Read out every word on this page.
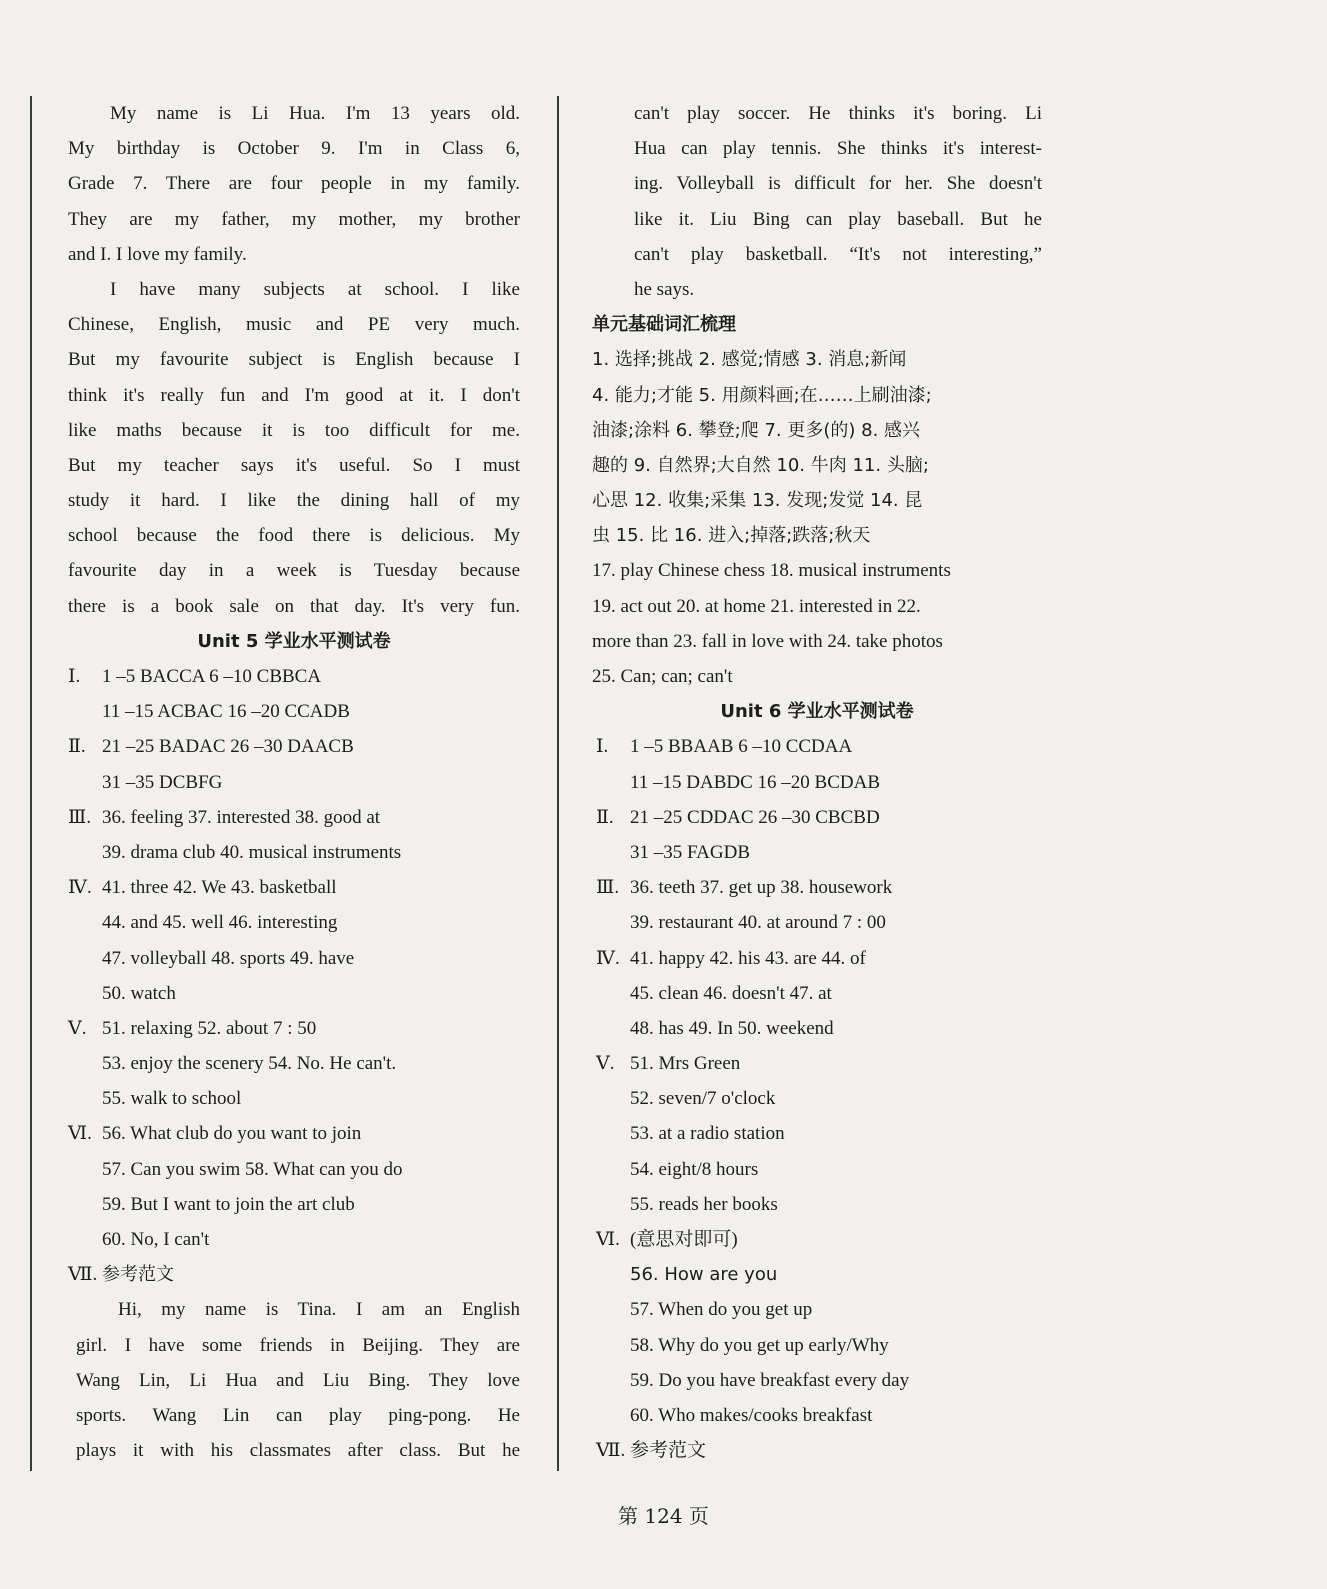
My name is Li Hua. I'm 13 years old.
My birthday is October 9. I'm in Class 6,
Grade 7. There are four people in my family.
They are my father, my mother, my brother
and I. I love my family.
I have many subjects at school. I like
Chinese, English, music and PE very much.
But my favourite subject is English because I
think it's really fun and I'm good at it. I don't
like maths because it is too difficult for me.
But my teacher says it's useful. So I must
study it hard. I like the dining hall of my
school because the food there is delicious. My
favourite day in a week is Tuesday because
there is a book sale on that day. It's very fun.
Unit 5 学业水平测试卷
Ⅰ. 1 –5 BACCA 6 –10 CBBCA
11 –15 ACBAC 16 –20 CCADB
Ⅱ. 21 –25 BADAC 26 –30 DAACB
31 –35 DCBFG
Ⅲ. 36. feeling 37. interested 38. good at
39. drama club 40. musical instruments
Ⅳ. 41. three 42. We 43. basketball
44. and 45. well 46. interesting
47. volleyball 48. sports 49. have
50. watch
Ⅴ. 51. relaxing 52. about 7 : 50
53. enjoy the scenery 54. No. He can't.
55. walk to school
Ⅵ. 56. What club do you want to join
57. Can you swim 58. What can you do
59. But I want to join the art club
60. No, I can't
Ⅶ. 参考范文
Hi, my name is Tina. I am an English
girl. I have some friends in Beijing. They are
Wang Lin, Li Hua and Liu Bing. They love
sports. Wang Lin can play ping-pong. He
plays it with his classmates after class. But he
can't play soccer. He thinks it's boring. Li
Hua can play tennis. She thinks it's interest-
ing. Volleyball is difficult for her. She doesn't
like it. Liu Bing can play baseball. But he
can't play basketball. “It's not interesting,”
he says.
单元基础词汇梳理
1. 选择;挑战 2. 感觉;情感 3. 消息;新闻
4. 能力;才能 5. 用颜料画;在……上刷油漆;
油漆;涂料 6. 攀登;爬 7. 更多(的) 8. 感兴
趣的 9. 自然界;大自然 10. 牛肉 11. 头脑;
心思 12. 收集;采集 13. 发现;发觉 14. 昆
虫 15. 比 16. 进入;掉落;跌落;秋天
17. play Chinese chess 18. musical instruments
19. act out 20. at home 21. interested in 22.
more than 23. fall in love with 24. take photos
25. Can; can; can't
Unit 6 学业水平测试卷
Ⅰ. 1 –5 BBAAB 6 –10 CCDAA
11 –15 DABDC 16 –20 BCDAB
Ⅱ. 21 –25 CDDAC 26 –30 CBCBD
31 –35 FAGDB
Ⅲ. 36. teeth 37. get up 38. housework
39. restaurant 40. at around 7 : 00
Ⅳ. 41. happy 42. his 43. are 44. of
45. clean 46. doesn't 47. at
48. has 49. In 50. weekend
Ⅴ. 51. Mrs Green
52. seven/7 o'clock
53. at a radio station
54. eight/8 hours
55. reads her books
Ⅵ. (意思对即可)
56. How are you
57. When do you get up
58. Why do you get up early/Why
59. Do you have breakfast every day
60. Who makes/cooks breakfast
Ⅶ. 参考范文
第 124 页
